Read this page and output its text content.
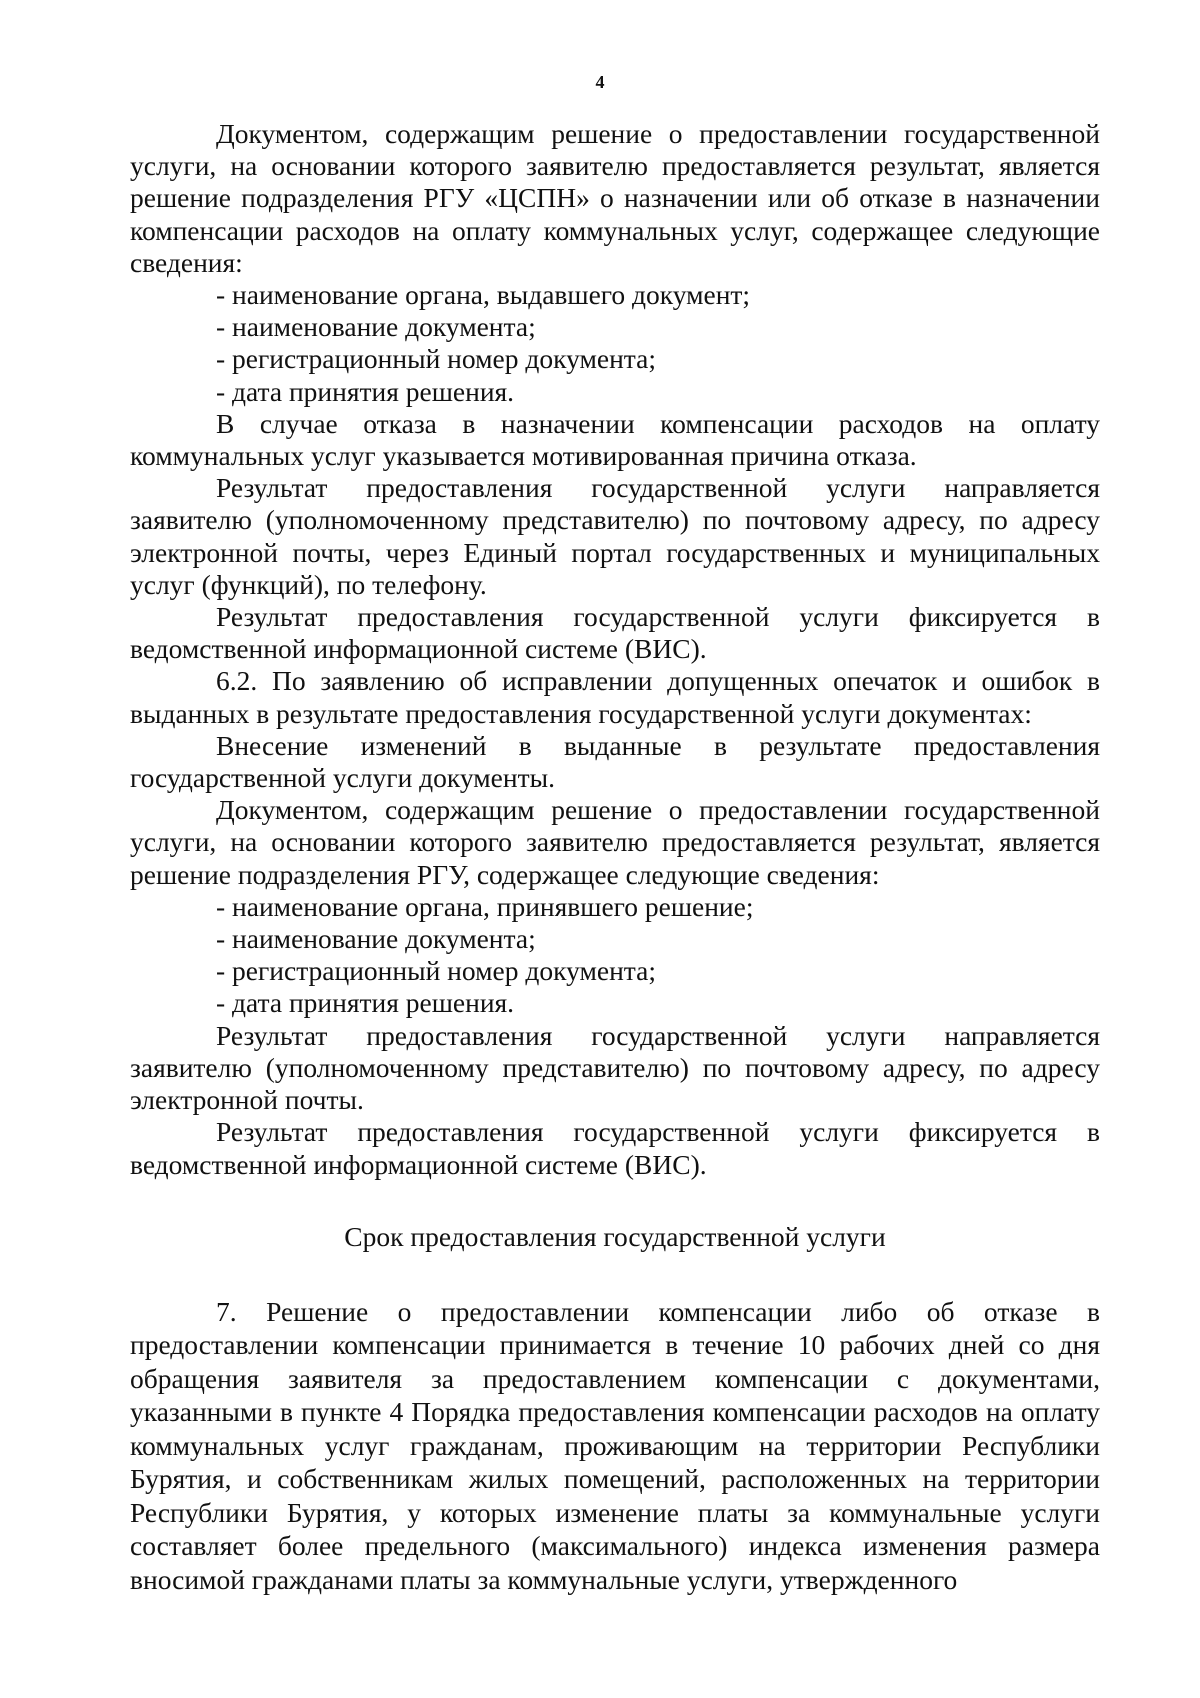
4

Документом, содержащим решение о предоставлении государственной услуги, на основании которого заявителю предоставляется результат, является решение подразделения РГУ «ЦСПН» о назначении или об отказе в назначении компенсации расходов на оплату коммунальных услуг, содержащее следующие сведения:

- наименование органа, выдавшего документ;

- наименование документа;

- регистрационный номер документа;

- дата принятия решения.

В случае отказа в назначении компенсации расходов на оплату коммунальных услуг указывается мотивированная причина отказа.

Результат предоставления государственной услуги направляется заявителю (уполномоченному представителю) по почтовому адресу, по адресу электронной почты, через Единый портал государственных и муниципальных услуг (функций), по телефону.

Результат предоставления государственной услуги фиксируется в ведомственной информационной системе (ВИС).

6.2. По заявлению об исправлении допущенных опечаток и ошибок в выданных в результате предоставления государственной услуги документах:

Внесение изменений в выданные в результате предоставления государственной услуги документы.

Документом, содержащим решение о предоставлении государственной услуги, на основании которого заявителю предоставляется результат, является решение подразделения РГУ, содержащее следующие сведения:

- наименование органа, принявшего решение;

- наименование документа;

- регистрационный номер документа;

- дата принятия решения.

Результат предоставления государственной услуги направляется заявителю (уполномоченному представителю) по почтовому адресу, по адресу электронной почты.

Результат предоставления государственной услуги фиксируется в ведомственной информационной системе (ВИС).

Срок предоставления государственной услуги

7. Решение о предоставлении компенсации либо об отказе в предоставлении компенсации принимается в течение 10 рабочих дней со дня обращения заявителя за предоставлением компенсации с документами, указанными в пункте 4 Порядка предоставления компенсации расходов на оплату коммунальных услуг гражданам, проживающим на территории Республики Бурятия, и собственникам жилых помещений, расположенных на территории Республики Бурятия, у которых изменение платы за коммунальные услуги составляет более предельного (максимального) индекса изменения размера вносимой гражданами платы за коммунальные услуги, утвержденного
